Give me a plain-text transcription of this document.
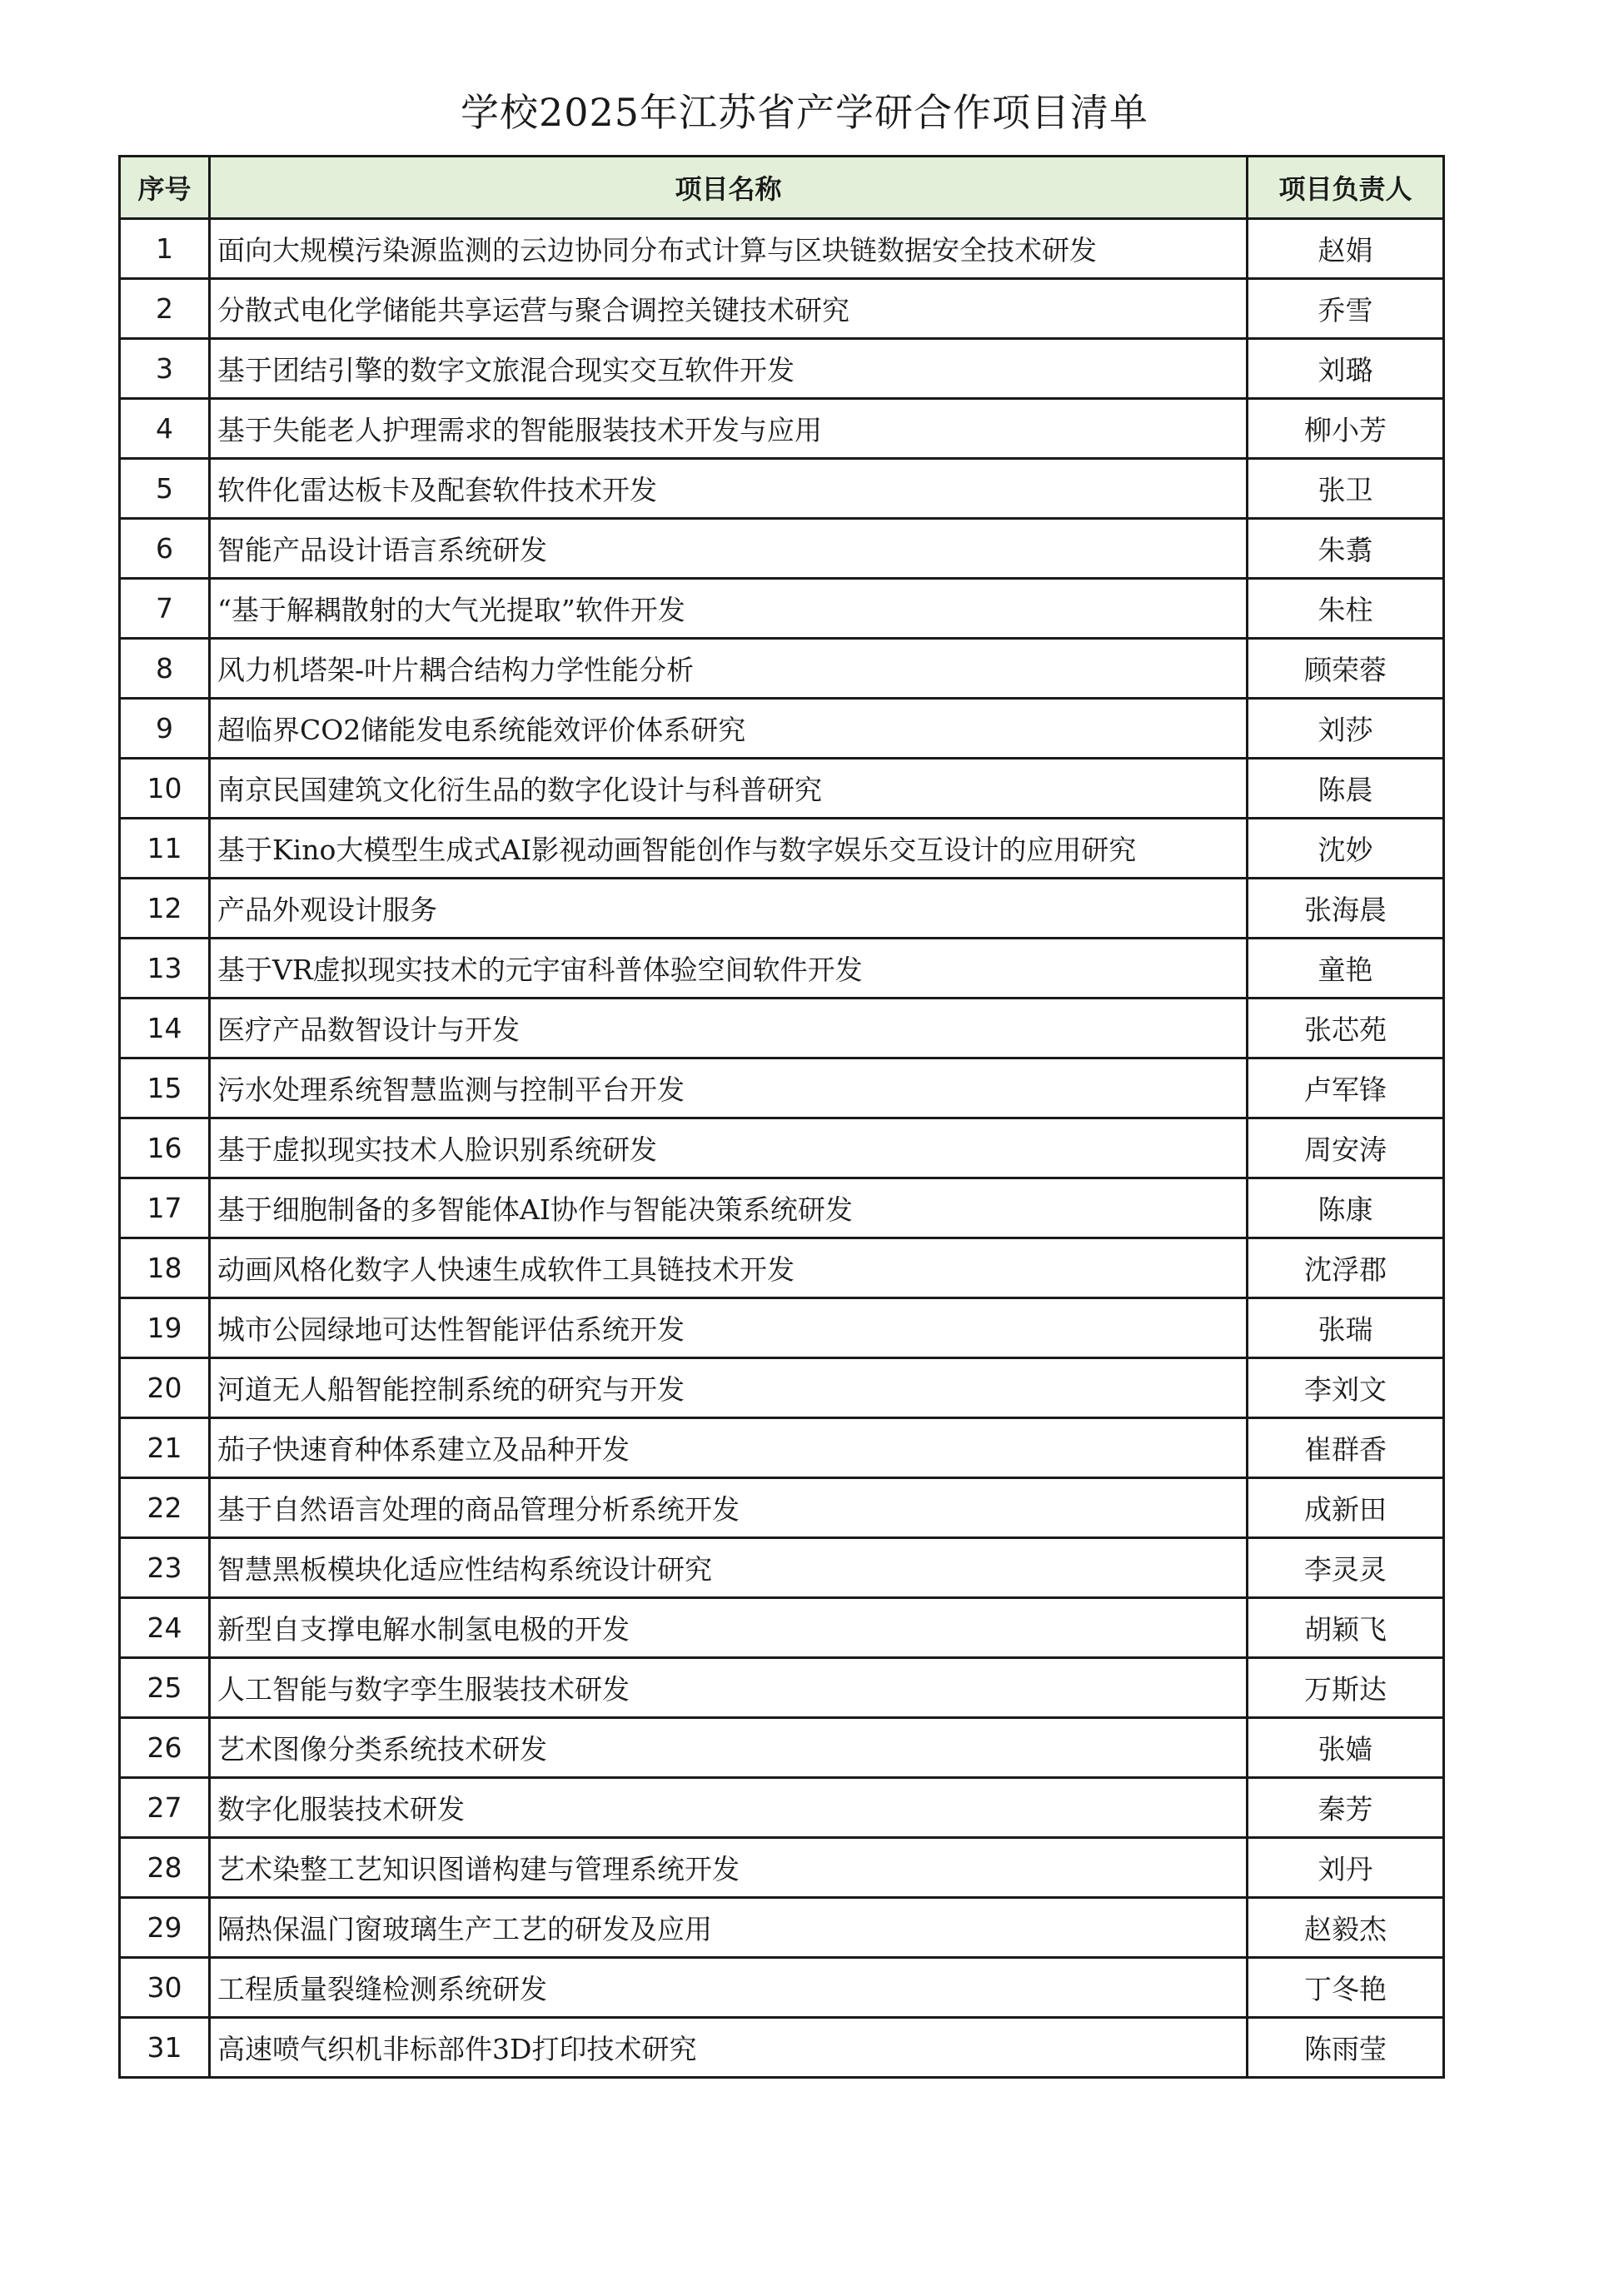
学校2025年江苏省产学研合作项目清单
序号	项目名称	项目负责人
1	面向大规模污染源监测的云边协同分布式计算与区块链数据安全技术研发	赵娟
2	分散式电化学储能共享运营与聚合调控关键技术研究	乔雪
3	基于团结引擎的数字文旅混合现实交互软件开发	刘璐
4	基于失能老人护理需求的智能服装技术开发与应用	柳小芳
5	软件化雷达板卡及配套软件技术开发	张卫
6	智能产品设计语言系统研发	朱翥
7	“基于解耦散射的大气光提取”软件开发	朱柱
8	风力机塔架-叶片耦合结构力学性能分析	顾荣蓉
9	超临界CO2储能发电系统能效评价体系研究	刘莎
10	南京民国建筑文化衍生品的数字化设计与科普研究	陈晨
11	基于Kino大模型生成式AI影视动画智能创作与数字娱乐交互设计的应用研究	沈妙
12	产品外观设计服务	张海晨
13	基于VR虚拟现实技术的元宇宙科普体验空间软件开发	童艳
14	医疗产品数智设计与开发	张芯苑
15	污水处理系统智慧监测与控制平台开发	卢军锋
16	基于虚拟现实技术人脸识别系统研发	周安涛
17	基于细胞制备的多智能体AI协作与智能决策系统研发	陈康
18	动画风格化数字人快速生成软件工具链技术开发	沈浮郡
19	城市公园绿地可达性智能评估系统开发	张瑞
20	河道无人船智能控制系统的研究与开发	李刘文
21	茄子快速育种体系建立及品种开发	崔群香
22	基于自然语言处理的商品管理分析系统开发	成新田
23	智慧黑板模块化适应性结构系统设计研究	李灵灵
24	新型自支撑电解水制氢电极的开发	胡颖飞
25	人工智能与数字孪生服装技术研发	万斯达
26	艺术图像分类系统技术研发	张嫱
27	数字化服装技术研发	秦芳
28	艺术染整工艺知识图谱构建与管理系统开发	刘丹
29	隔热保温门窗玻璃生产工艺的研发及应用	赵毅杰
30	工程质量裂缝检测系统研发	丁冬艳
31	高速喷气织机非标部件3D打印技术研究	陈雨莹
